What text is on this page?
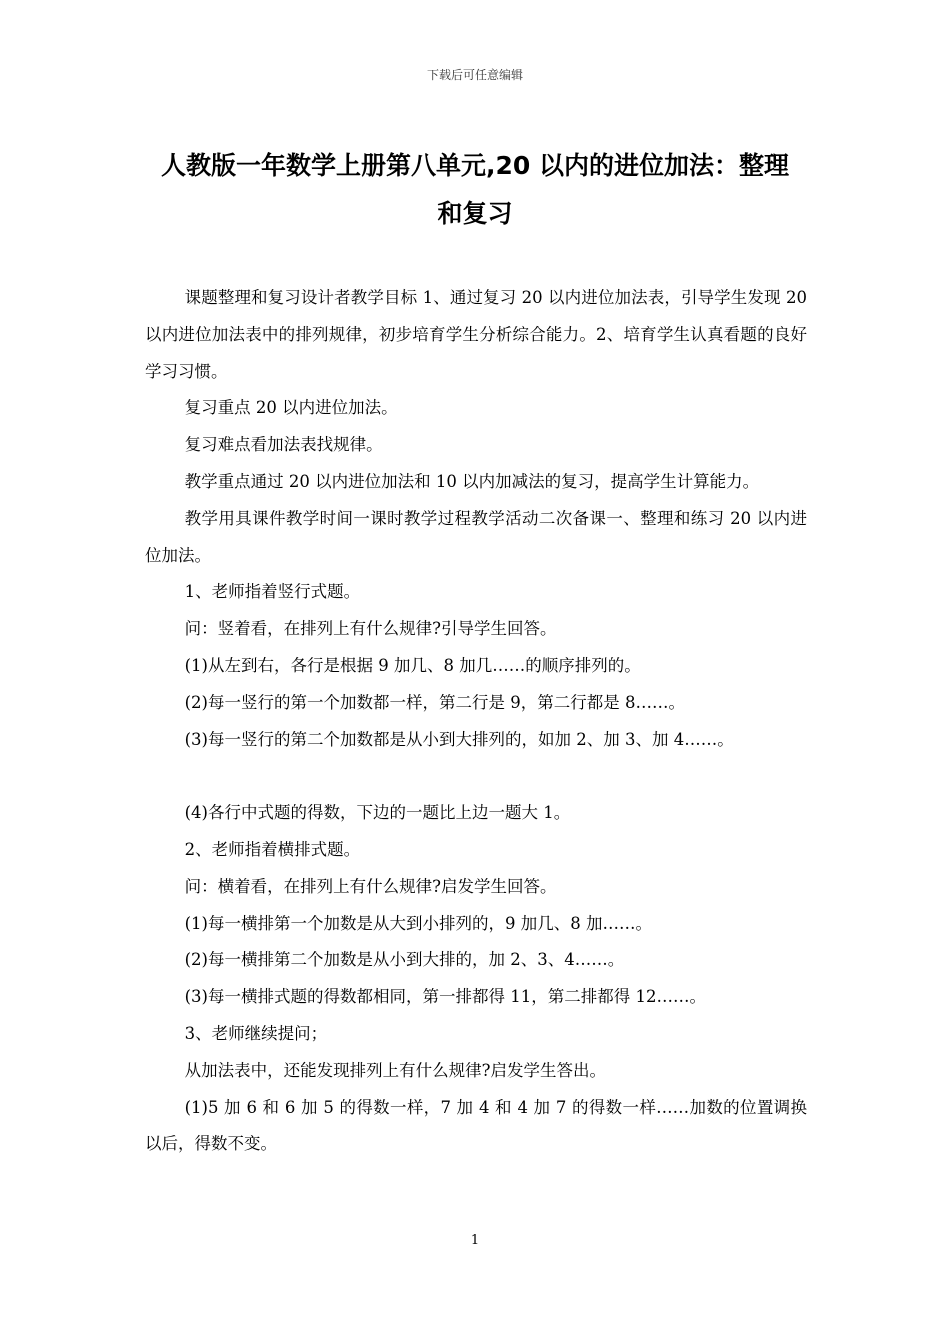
下载后可任意编辑
人教版一年数学上册第八单元,20 以内的进位加法：整理
和复习

课题整理和复习设计者教学目标 1、通过复习 20 以内进位加法表，引导学生发现 20 以内进位加法表中的排列规律，初步培育学生分析综合能力。2、培育学生认真看题的良好学习习惯。

复习重点 20 以内进位加法。

复习难点看加法表找规律。

教学重点通过 20 以内进位加法和 10 以内加减法的复习，提高学生计算能力。

教学用具课件教学时间一课时教学过程教学活动二次备课一、整理和练习 20 以内进位加法。

1、老师指着竖行式题。

问：竖着看，在排列上有什么规律?引导学生回答。

(1)从左到右，各行是根据 9 加几、8 加几……的顺序排列的。

(2)每一竖行的第一个加数都一样，第二行是 9，第二行都是 8……。

(3)每一竖行的第二个加数都是从小到大排列的，如加 2、加 3、加 4……。

(4)各行中式题的得数，下边的一题比上边一题大 1。

2、老师指着横排式题。

问：横着看，在排列上有什么规律?启发学生回答。

(1)每一横排第一个加数是从大到小排列的，9 加几、8 加……。

(2)每一横排第二个加数是从小到大排的，加 2、3、4……。

(3)每一横排式题的得数都相同，第一排都得 11，第二排都得 12……。

3、老师继续提问；

从加法表中，还能发现排列上有什么规律?启发学生答出。

(1)5 加 6 和 6 加 5 的得数一样，7 加 4 和 4 加 7 的得数一样……加数的位置调换以后，得数不变。

1
